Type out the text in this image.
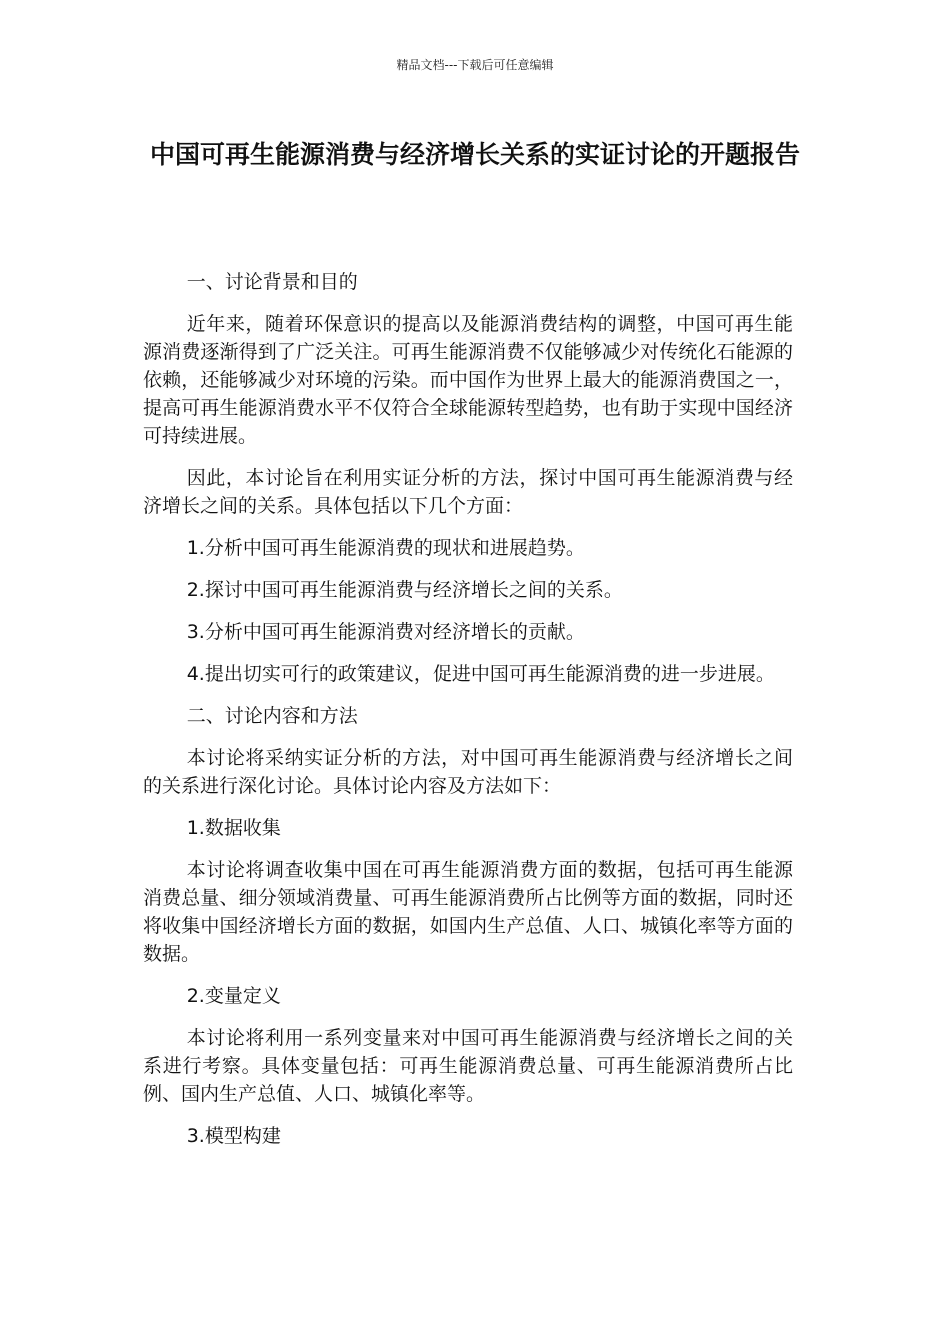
精品文档---下载后可任意编辑
中国可再生能源消费与经济增长关系的实证讨论的开题报告

一、讨论背景和目的

近年来，随着环保意识的提高以及能源消费结构的调整，中国可再生能源消费逐渐得到了广泛关注。可再生能源消费不仅能够减少对传统化石能源的依赖，还能够减少对环境的污染。而中国作为世界上最大的能源消费国之一，提高可再生能源消费水平不仅符合全球能源转型趋势，也有助于实现中国经济可持续进展。

因此，本讨论旨在利用实证分析的方法，探讨中国可再生能源消费与经济增长之间的关系。具体包括以下几个方面：

1.分析中国可再生能源消费的现状和进展趋势。

2.探讨中国可再生能源消费与经济增长之间的关系。

3.分析中国可再生能源消费对经济增长的贡献。

4.提出切实可行的政策建议，促进中国可再生能源消费的进一步进展。

二、讨论内容和方法

本讨论将采纳实证分析的方法，对中国可再生能源消费与经济增长之间的关系进行深化讨论。具体讨论内容及方法如下：

1.数据收集

本讨论将调查收集中国在可再生能源消费方面的数据，包括可再生能源消费总量、细分领域消费量、可再生能源消费所占比例等方面的数据，同时还将收集中国经济增长方面的数据，如国内生产总值、人口、城镇化率等方面的数据。

2.变量定义

本讨论将利用一系列变量来对中国可再生能源消费与经济增长之间的关系进行考察。具体变量包括：可再生能源消费总量、可再生能源消费所占比例、国内生产总值、人口、城镇化率等。

3.模型构建
